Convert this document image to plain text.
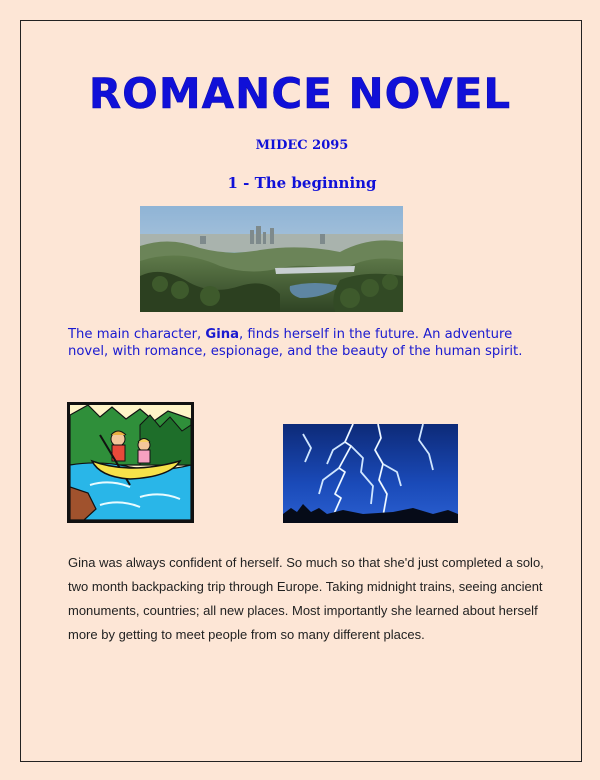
ROMANCE NOVEL
MIDEC 2095
1 - The beginning
The main character, Gina, finds herself in the future. An adventure novel, with romance, espionage, and the beauty of the human spirit.
Gina was always confident of herself. So much so that she'd just completed a solo, two month backpacking trip through Europe. Taking midnight trains, seeing ancient monuments, countries; all new places. Most importantly she learned about herself more by getting to meet people from so many different places.
